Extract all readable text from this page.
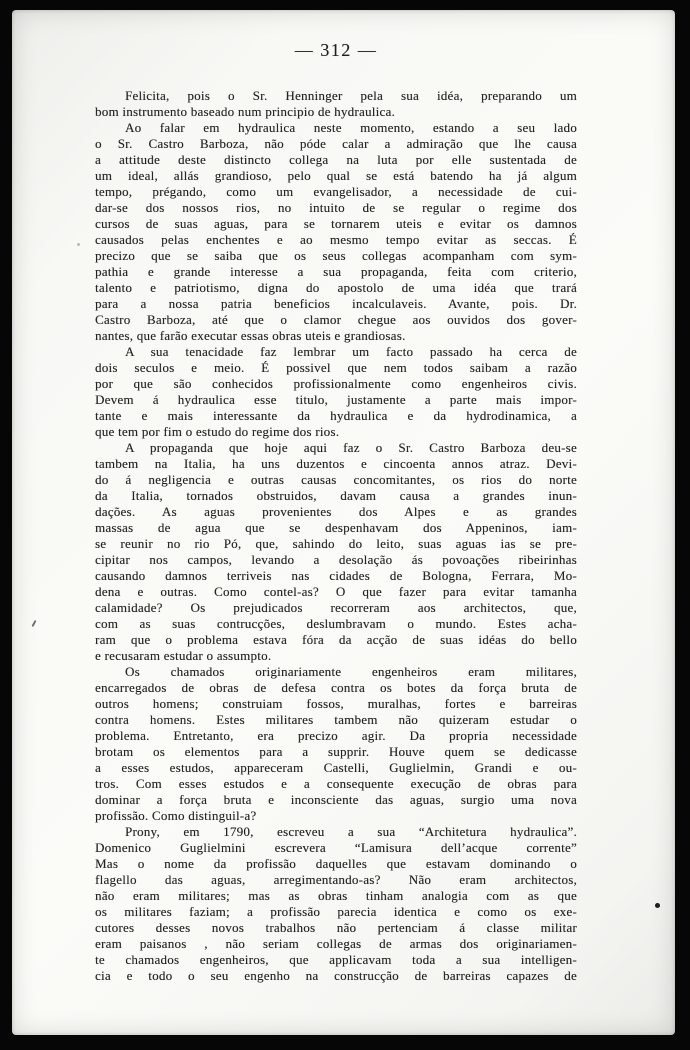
— 312 —
Felicita, pois o Sr. Henninger pela sua idéa, preparando um
bom instrumento baseado num principio de hydraulica.
Ao falar em hydraulica neste momento, estando a seu lado
o Sr. Castro Barboza, não póde calar a admiração que lhe causa
a attitude deste distincto collega na luta por elle sustentada de
um ideal, allás grandioso, pelo qual se está batendo ha já algum
tempo, prégando, como um evangelisador, a necessidade de cui-
dar-se dos nossos rios, no intuito de se regular o regime dos
cursos de suas aguas, para se tornarem uteis e evitar os damnos
causados pelas enchentes e ao mesmo tempo evitar as seccas. É
precizo que se saiba que os seus collegas acompanham com sym-
pathia e grande interesse a sua propaganda, feita com criterio,
talento e patriotismo, digna do apostolo de uma idéa que trará
para a nossa patria beneficios incalculaveis. Avante, pois. Dr.
Castro Barboza, até que o clamor chegue aos ouvidos dos gover-
nantes, que farão executar essas obras uteis e grandiosas.
A sua tenacidade faz lembrar um facto passado ha cerca de
dois seculos e meio. É possivel que nem todos saibam a razão
por que são conhecidos profissionalmente como engenheiros civis.
Devem á hydraulica esse titulo, justamente a parte mais impor-
tante e mais interessante da hydraulica e da hydrodinamica, a
que tem por fim o estudo do regime dos rios.
A propaganda que hoje aqui faz o Sr. Castro Barboza deu-se
tambem na Italia, ha uns duzentos e cincoenta annos atraz. Devi-
do á negligencia e outras causas concomitantes, os rios do norte
da Italia, tornados obstruidos, davam causa a grandes inun-
dações. As aguas provenientes dos Alpes e as grandes
massas de agua que se despenhavam dos Appeninos, iam-
se reunir no rio Pó, que, sahindo do leito, suas aguas ias se pre-
cipitar nos campos, levando a desolação ás povoações ribeirinhas
causando damnos terriveis nas cidades de Bologna, Ferrara, Mo-
dena e outras. Como contel-as? O que fazer para evitar tamanha
calamidade? Os prejudicados recorreram aos architectos, que,
com as suas contrucções, deslumbravam o mundo. Estes acha-
ram que o problema estava fóra da acção de suas idéas do bello
e recusaram estudar o assumpto.
Os chamados originariamente engenheiros eram militares,
encarregados de obras de defesa contra os botes da força bruta de
outros homens; construiam fossos, muralhas, fortes e barreiras
contra homens. Estes militares tambem não quizeram estudar o
problema. Entretanto, era precizo agir. Da propria necessidade
brotam os elementos para a supprir. Houve quem se dedicasse
a esses estudos, appareceram Castelli, Guglielmin, Grandi e ou-
tros. Com esses estudos e a consequente execução de obras para
dominar a força bruta e inconsciente das aguas, surgio uma nova
profissão. Como distinguil-a?
Prony, em 1790, escreveu a sua “Architetura hydraulica”.
Domenico Guglielmini escrevera “Lamisura dell’acque corrente”
Mas o nome da profissão daquelles que estavam dominando o
flagello das aguas, arregimentando-as? Não eram architectos,
não eram militares; mas as obras tinham analogia com as que
os militares faziam; a profissão parecia identica e como os exe-
cutores desses novos trabalhos não pertenciam á classe militar
eram paisanos , não seriam collegas de armas dos originariamen-
te chamados engenheiros, que applicavam toda a sua intelligen-
cia e todo o seu engenho na construcção de barreiras capazes de
